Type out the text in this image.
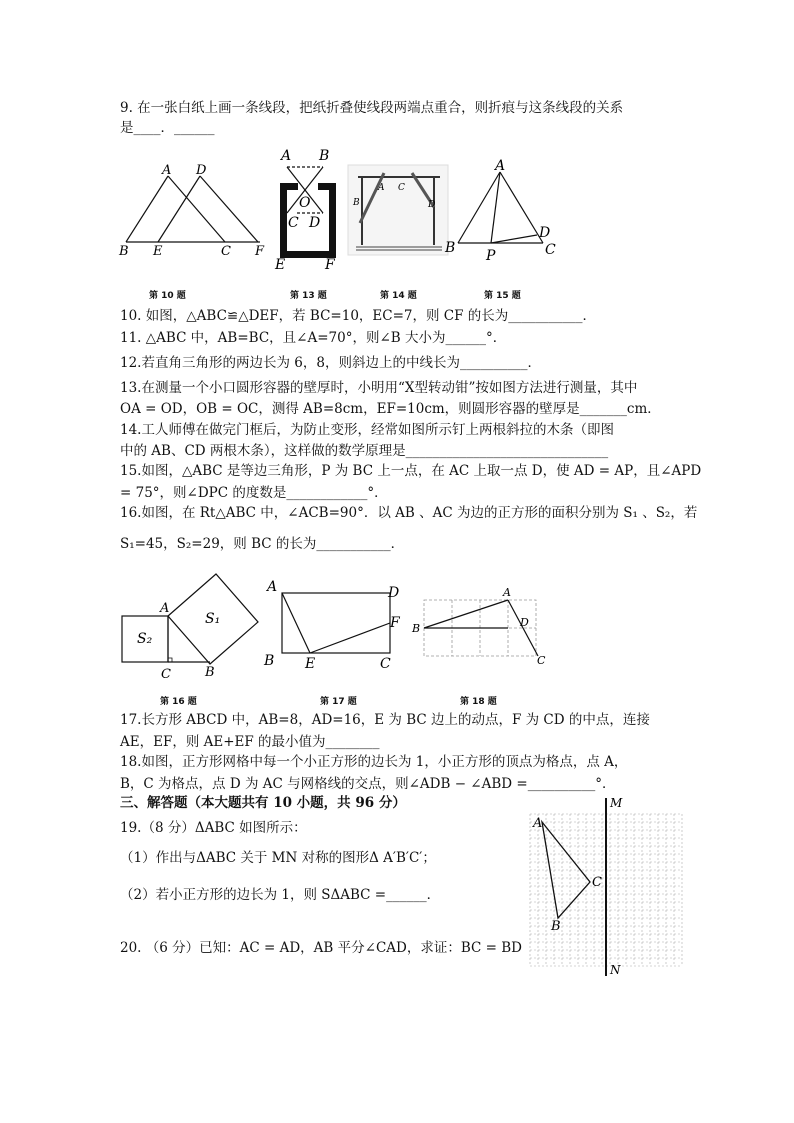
9. 在一张白纸上画一条线段，把纸折叠使线段两端点重合，则折痕与这条线段的关系
是____．______
A D
B E	C F
第 10 题
A B
O
C D
E	F
第 13 题
B
A C
D
第 14 题
A
B P
D
C
第 15 题
10. 如图，△ABC≌△DEF，若 BC=10，EC=7，则 CF 的长为___________．
11. △ABC 中，AB=BC，且∠A=70°，则∠B 大小为______°．
12.若直角三角形的两边长为 6，8，则斜边上的中线长为__________．
13.在测量一个小口圆形容器的壁厚时，小明用“X型转动钳”按如图方法进行测量，其中
OA = OD，OB = OC，测得 AB=8cm，EF=10cm，则圆形容器的壁厚是_______cm．
14.工人师傅在做完门框后，为防止变形，经常如图所示钉上两根斜拉的木条（即图
中的 AB、CD 两根木条），这样做的数学原理是______________________________
15.如图，△ABC 是等边三角形，P 为 BC 上一点，在 AC 上取一点 D，使 AD = AP，且∠APD
= 75°，则∠DPC 的度数是____________°．
16.如图，在 Rt△ABC 中，∠ACB=90°．以 AB 、AC 为边的正方形的面积分别为 S₁ 、S₂，若
S₁=45，S₂=29，则 BC 的长为___________．
A
S₁
S₂
C	B
第 16 题
A	D
F
B E	C
第 17 题
A
B	D
C
第 18 题
17.长方形 ABCD 中，AB=8，AD=16，E 为 BC 边上的动点，F 为 CD 的中点，连接
AE，EF，则 AE+EF 的最小值为________
18.如图，正方形网格中每一个小正方形的边长为 1，小正方形的顶点为格点，点 A，
B，C 为格点，点 D 为 AC 与网格线的交点，则∠ADB − ∠ABD =__________°．
三、解答题（本大题共有 10 小题，共 96 分）
19.（8 分）ΔABC 如图所示：
（1）作出与ΔABC 关于 MN 对称的图形Δ A′B′C′；
（2）若小正方形的边长为 1，则 SΔABC =______．
20. （6 分）已知：AC = AD，AB 平分∠CAD，求证：BC = BD
M
N
A
C
B
